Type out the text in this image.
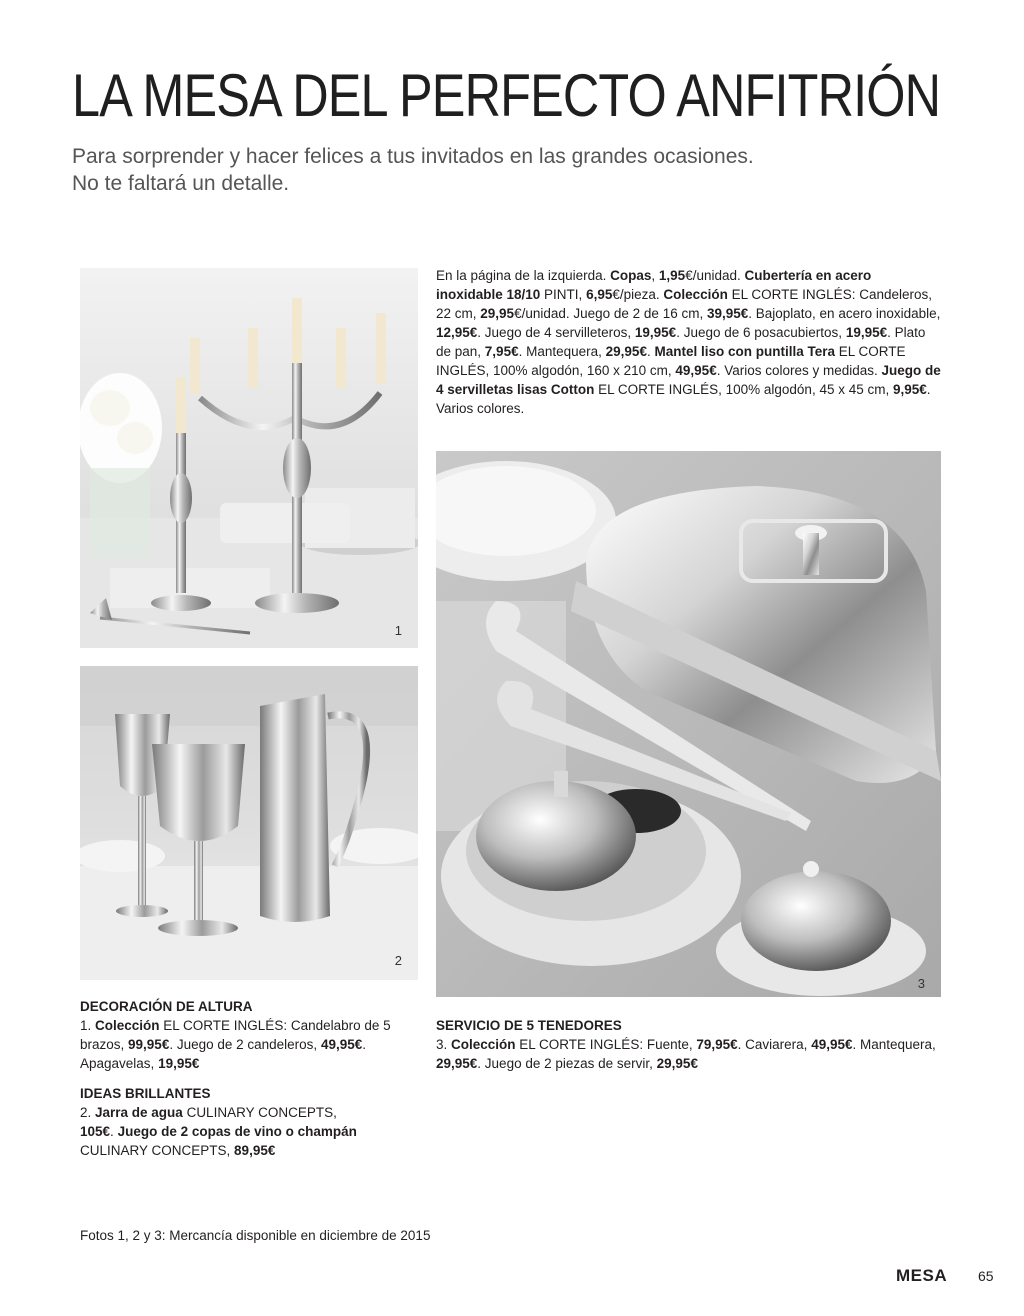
LA MESA DEL PERFECTO ANFITRIÓN
Para sorprender y hacer felices a tus invitados en las grandes ocasiones.
No te faltará un detalle.
1
2
En la página de la izquierda. Copas, 1,95€/unidad. Cubertería en acero inoxidable 18/10 PINTI, 6,95€/pieza. Colección EL CORTE INGLÉS: Candeleros, 22 cm, 29,95€/unidad. Juego de 2 de 16 cm, 39,95€. Bajoplato, en acero inoxidable, 12,95€. Juego de 4 servilleteros, 19,95€. Juego de 6 posacubiertos, 19,95€. Plato de pan, 7,95€. Mantequera, 29,95€. Mantel liso con puntilla Tera EL CORTE INGLÉS, 100% algodón, 160 x 210 cm, 49,95€. Varios colores y medidas. Juego de 4 servilletas lisas Cotton EL CORTE INGLÉS, 100% algodón, 45 x 45 cm, 9,95€. Varios colores.
3
DECORACIÓN DE ALTURA
1. Colección EL CORTE INGLÉS: Candelabro de 5 brazos, 99,95€. Juego de 2 candeleros, 49,95€. Apagavelas, 19,95€
IDEAS BRILLANTES
2. Jarra de agua CULINARY CONCEPTS, 105€. Juego de 2 copas de vino o champán CULINARY CONCEPTS, 89,95€
SERVICIO DE 5 TENEDORES
3. Colección EL CORTE INGLÉS: Fuente, 79,95€. Caviarera, 49,95€. Mantequera, 29,95€. Juego de 2 piezas de servir, 29,95€
Fotos 1, 2 y 3: Mercancía disponible en diciembre de 2015
MESA 65
